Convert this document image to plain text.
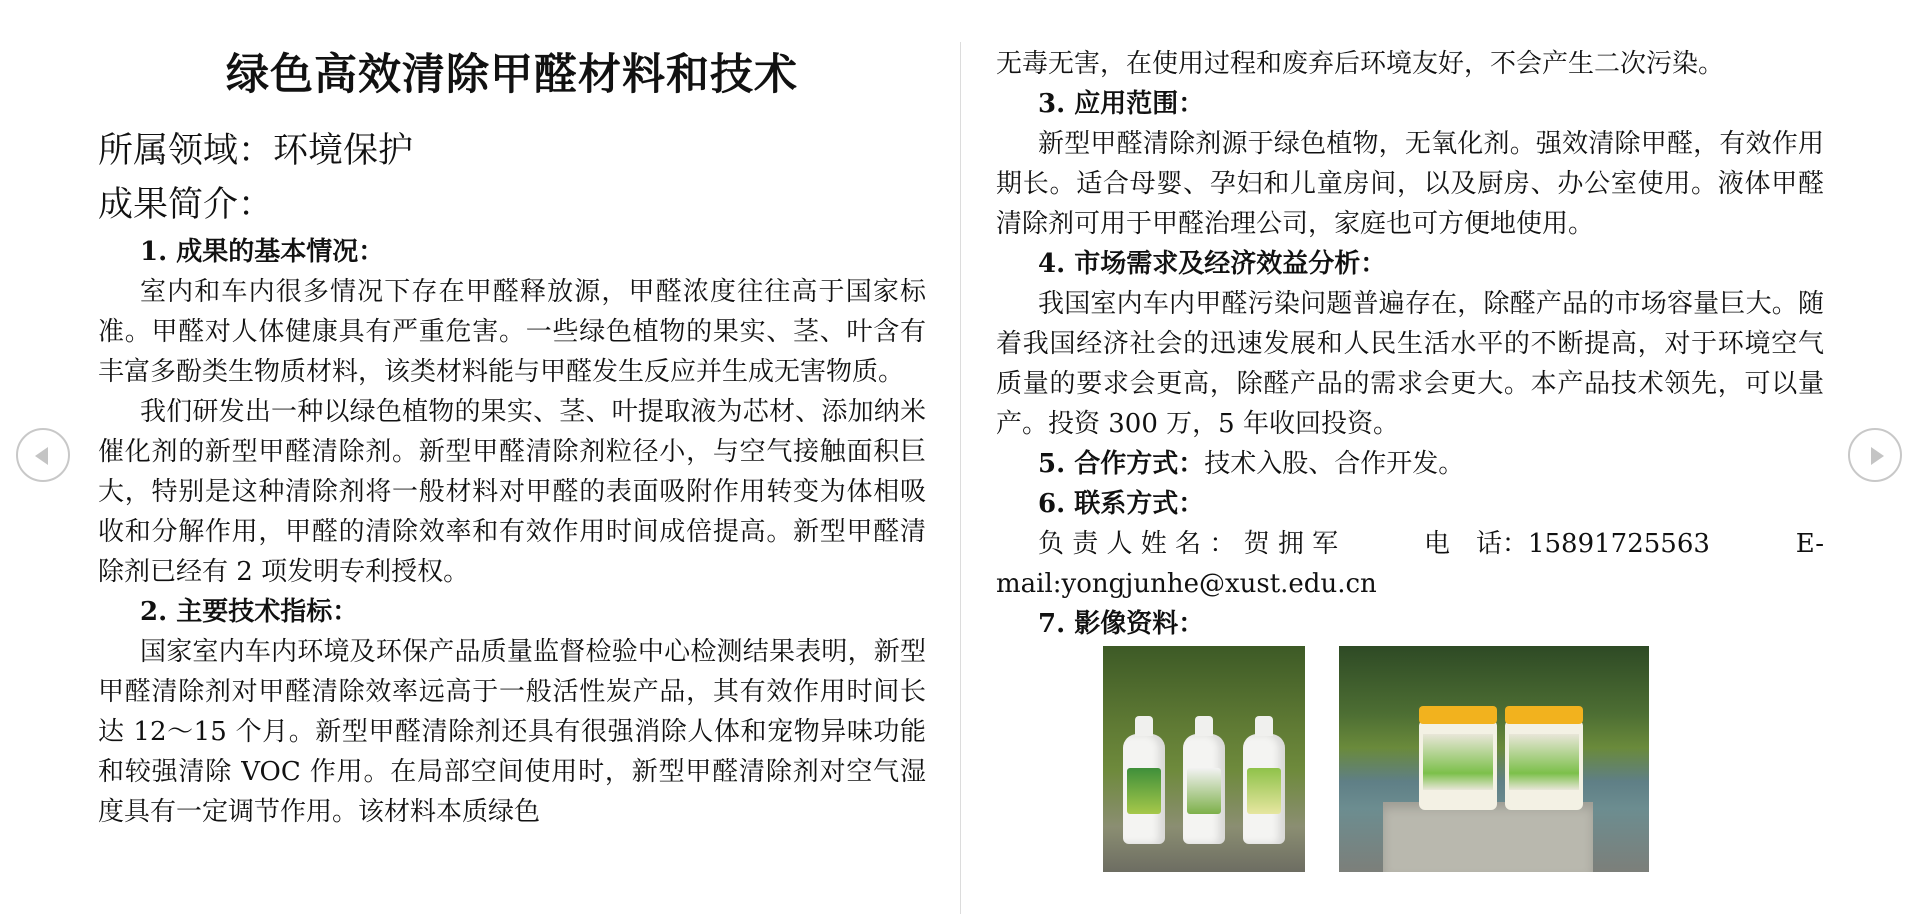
绿色高效清除甲醛材料和技术
所属领域：环境保护
成果简介：
1. 成果的基本情况：

室内和车内很多情况下存在甲醛释放源，甲醛浓度往往高于国家标准。甲醛对人体健康具有严重危害。一些绿色植物的果实、茎、叶含有丰富多酚类生物质材料，该类材料能与甲醛发生反应并生成无害物质。

我们研发出一种以绿色植物的果实、茎、叶提取液为芯材、添加纳米催化剂的新型甲醛清除剂。新型甲醛清除剂粒径小，与空气接触面积巨大，特别是这种清除剂将一般材料对甲醛的表面吸附作用转变为体相吸收和分解作用，甲醛的清除效率和有效作用时间成倍提高。新型甲醛清除剂已经有 2 项发明专利授权。

2. 主要技术指标：

国家室内车内环境及环保产品质量监督检验中心检测结果表明，新型甲醛清除剂对甲醛清除效率远高于一般活性炭产品，其有效作用时间长达 12～15 个月。新型甲醛清除剂还具有很强消除人体和宠物异味功能和较强清除 VOC 作用。在局部空间使用时，新型甲醛清除剂对空气湿度具有一定调节作用。该材料本质绿色

无毒无害，在使用过程和废弃后环境友好，不会产生二次污染。

3. 应用范围：

新型甲醛清除剂源于绿色植物，无氧化剂。强效清除甲醛，有效作用期长。适合母婴、孕妇和儿童房间，以及厨房、办公室使用。液体甲醛清除剂可用于甲醛治理公司，家庭也可方便地使用。

4. 市场需求及经济效益分析：

我国室内车内甲醛污染问题普遍存在，除醛产品的市场容量巨大。随着我国经济社会的迅速发展和人民生活水平的不断提高，对于环境空气质量的要求会更高，除醛产品的需求会更大。本产品技术领先，可以量产。投资 300 万，5 年收回投资。

5. 合作方式：技术入股、合作开发。
6. 联系方式：
负 责 人 姓 名 ： 贺 拥 军	电　话：15891725563	E-

mail:yongjunhe@xust.edu.cn

7. 影像资料：
